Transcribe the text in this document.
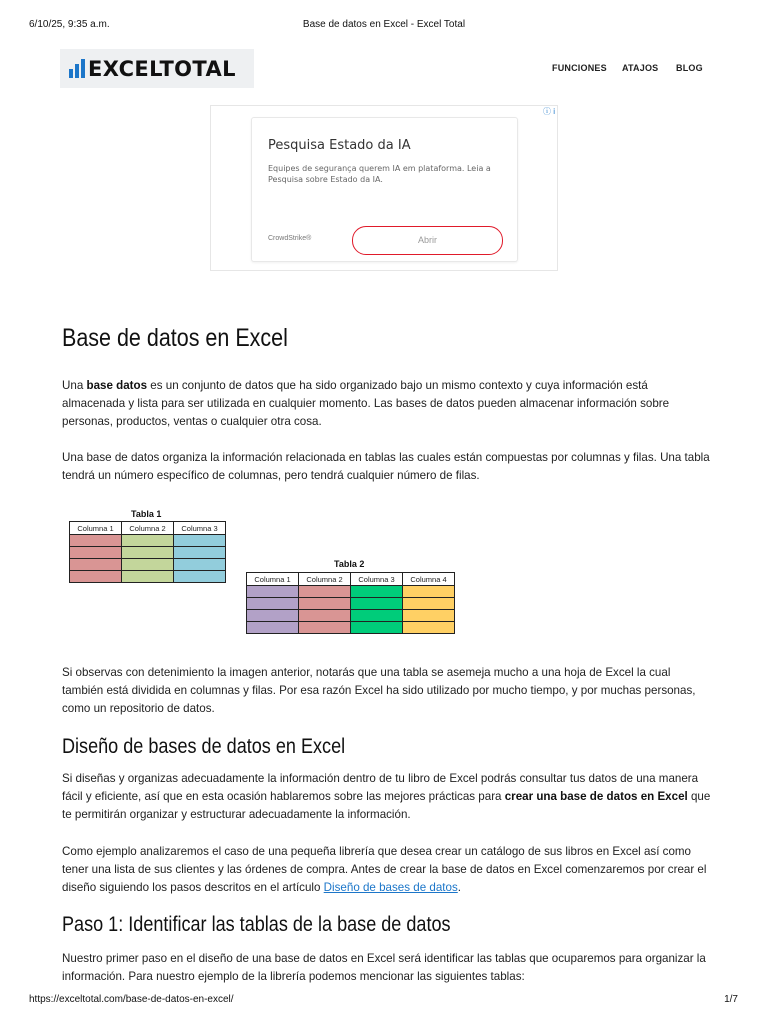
6/10/25, 9:35 a.m.	Base de datos en Excel - Excel Total
EXCELTOTAL	FUNCIONES ATAJOS BLOG
ⓘ i
Pesquisa Estado da IA
Equipes de segurança querem IA em plataforma. Leia a Pesquisa sobre Estado da IA.
CrowdStrike®	Abrir
Base de datos en Excel

Una base datos es un conjunto de datos que ha sido organizado bajo un mismo contexto y cuya información está almacenada y lista para ser utilizada en cualquier momento. Las bases de datos pueden almacenar información sobre personas, productos, ventas o cualquier otra cosa.

Una base de datos organiza la información relacionada en tablas las cuales están compuestas por columnas y filas. Una tabla tendrá un número específico de columnas, pero tendrá cualquier número de filas.

Tabla 1
Columna 1	Columna 2	Columna 3

Tabla 2
Columna 1	Columna 2	Columna 3	Columna 4

Si observas con detenimiento la imagen anterior, notarás que una tabla se asemeja mucho a una hoja de Excel la cual también está dividida en columnas y filas. Por esa razón Excel ha sido utilizado por mucho tiempo, y por muchas personas, como un repositorio de datos.

Diseño de bases de datos en Excel

Si diseñas y organizas adecuadamente la información dentro de tu libro de Excel podrás consultar tus datos de una manera fácil y eficiente, así que en esta ocasión hablaremos sobre las mejores prácticas para crear una base de datos en Excel que te permitirán organizar y estructurar adecuadamente la información.

Como ejemplo analizaremos el caso de una pequeña librería que desea crear un catálogo de sus libros en Excel así como tener una lista de sus clientes y las órdenes de compra. Antes de crear la base de datos en Excel comenzaremos por crear el diseño siguiendo los pasos descritos en el artículo Diseño de bases de datos.

Paso 1: Identificar las tablas de la base de datos

Nuestro primer paso en el diseño de una base de datos en Excel será identificar las tablas que ocuparemos para organizar la información. Para nuestro ejemplo de la librería podemos mencionar las siguientes tablas:

https://exceltotal.com/base-de-datos-en-excel/	1/7
